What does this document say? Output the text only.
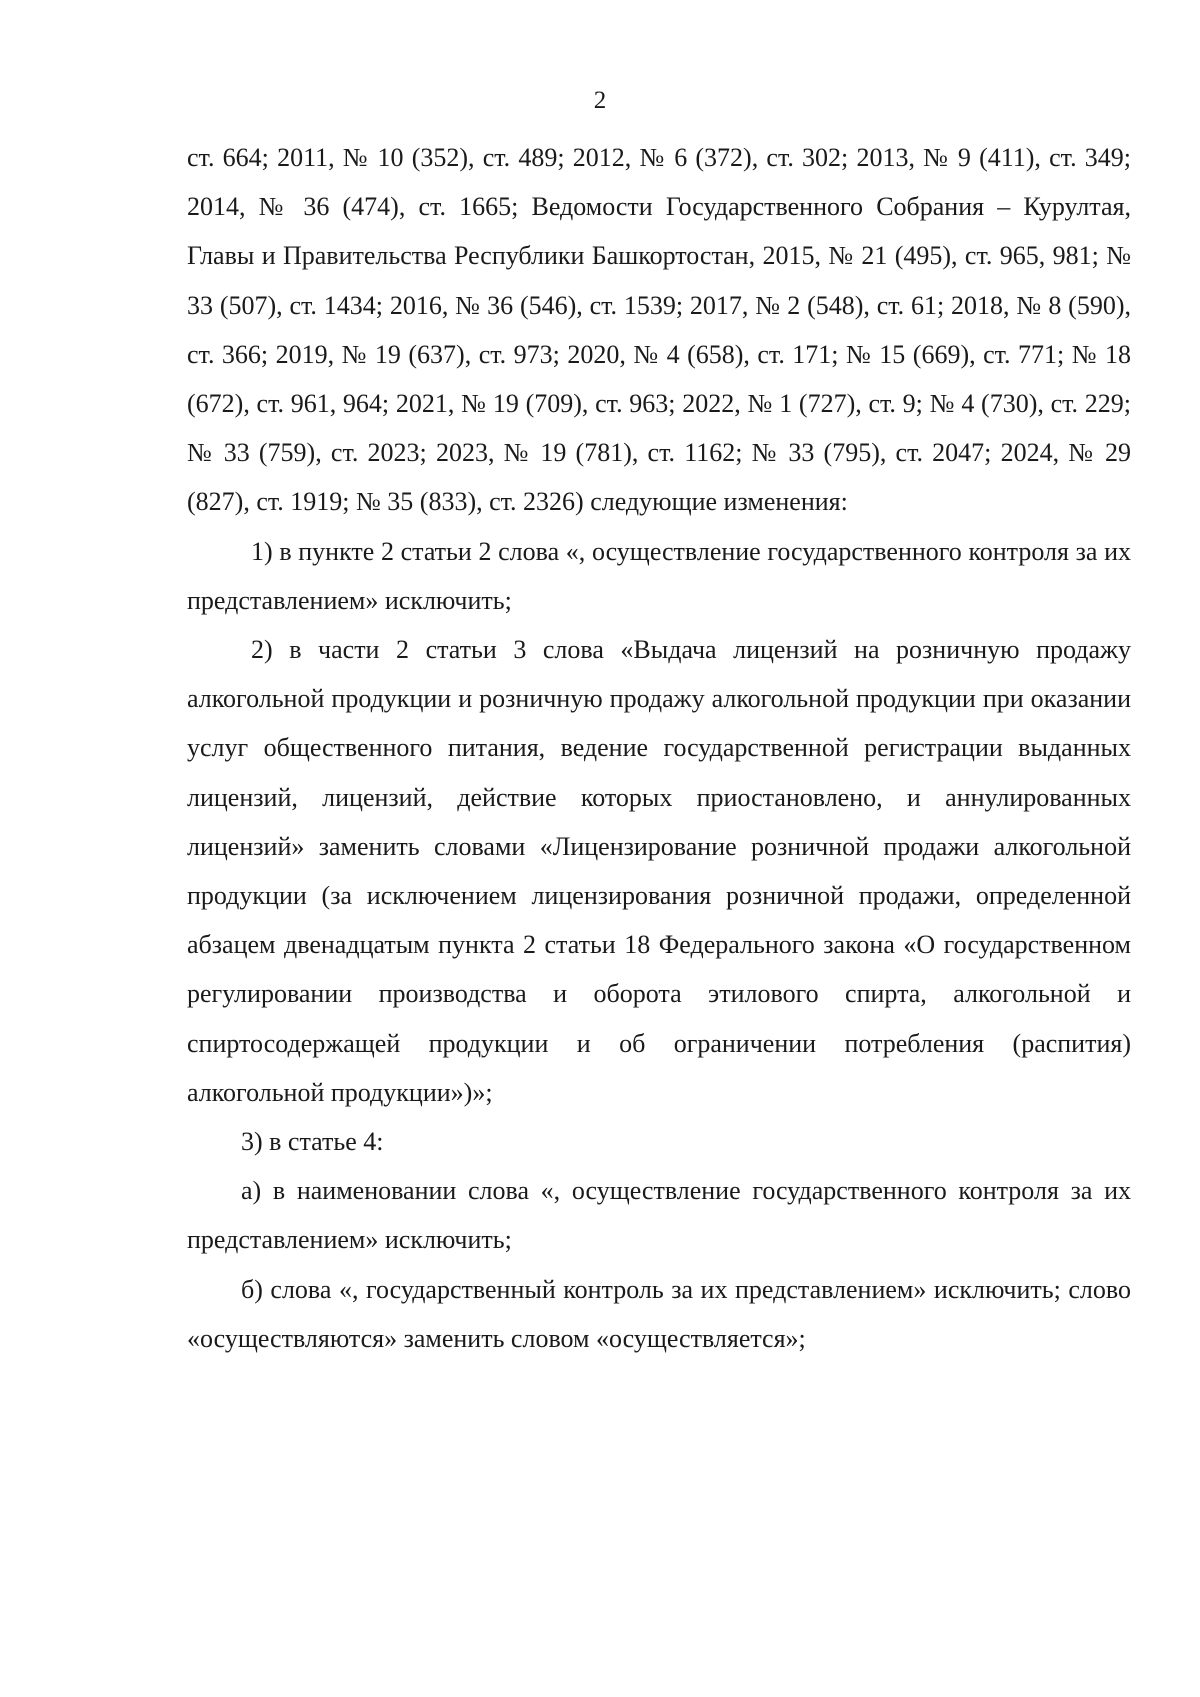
2

ст. 664; 2011, № 10 (352), ст. 489; 2012, № 6 (372), ст. 302; 2013, № 9 (411), ст. 349; 2014, № 36 (474), ст. 1665; Ведомости Государственного Собрания – Курултая, Главы и Правительства Республики Башкортостан, 2015, № 21 (495), ст. 965, 981; № 33 (507), ст. 1434; 2016, № 36 (546), ст. 1539; 2017, № 2 (548), ст. 61; 2018, № 8 (590), ст. 366; 2019, № 19 (637), ст. 973; 2020, № 4 (658), ст. 171; № 15 (669), ст. 771; № 18 (672), ст. 961, 964; 2021, № 19 (709), ст. 963; 2022, № 1 (727), ст. 9; № 4 (730), ст. 229; № 33 (759), ст. 2023; 2023, № 19 (781), ст. 1162; № 33 (795), ст. 2047; 2024, № 29 (827), ст. 1919; № 35 (833), ст. 2326) следующие изменения:

1) в пункте 2 статьи 2 слова «, осуществление государственного контроля за их представлением» исключить;

2) в части 2 статьи 3 слова «Выдача лицензий на розничную продажу алкогольной продукции и розничную продажу алкогольной продукции при оказании услуг общественного питания, ведение государственной регистрации выданных лицензий, лицензий, действие которых приостановлено, и аннулированных лицензий» заменить словами «Лицензирование розничной продажи алкогольной продукции (за исключением лицензирования розничной продажи, определенной абзацем двенадцатым пункта 2 статьи 18 Федерального закона «О государственном регулировании производства и оборота этилового спирта, алкогольной и спиртосодержащей продукции и об ограничении потребления (распития) алкогольной продукции»)»;

3) в статье 4:

а) в наименовании слова «, осуществление государственного контроля за их представлением» исключить;

б) слова «, государственный контроль за их представлением» исключить; слово «осуществляются» заменить словом «осуществляется»;
